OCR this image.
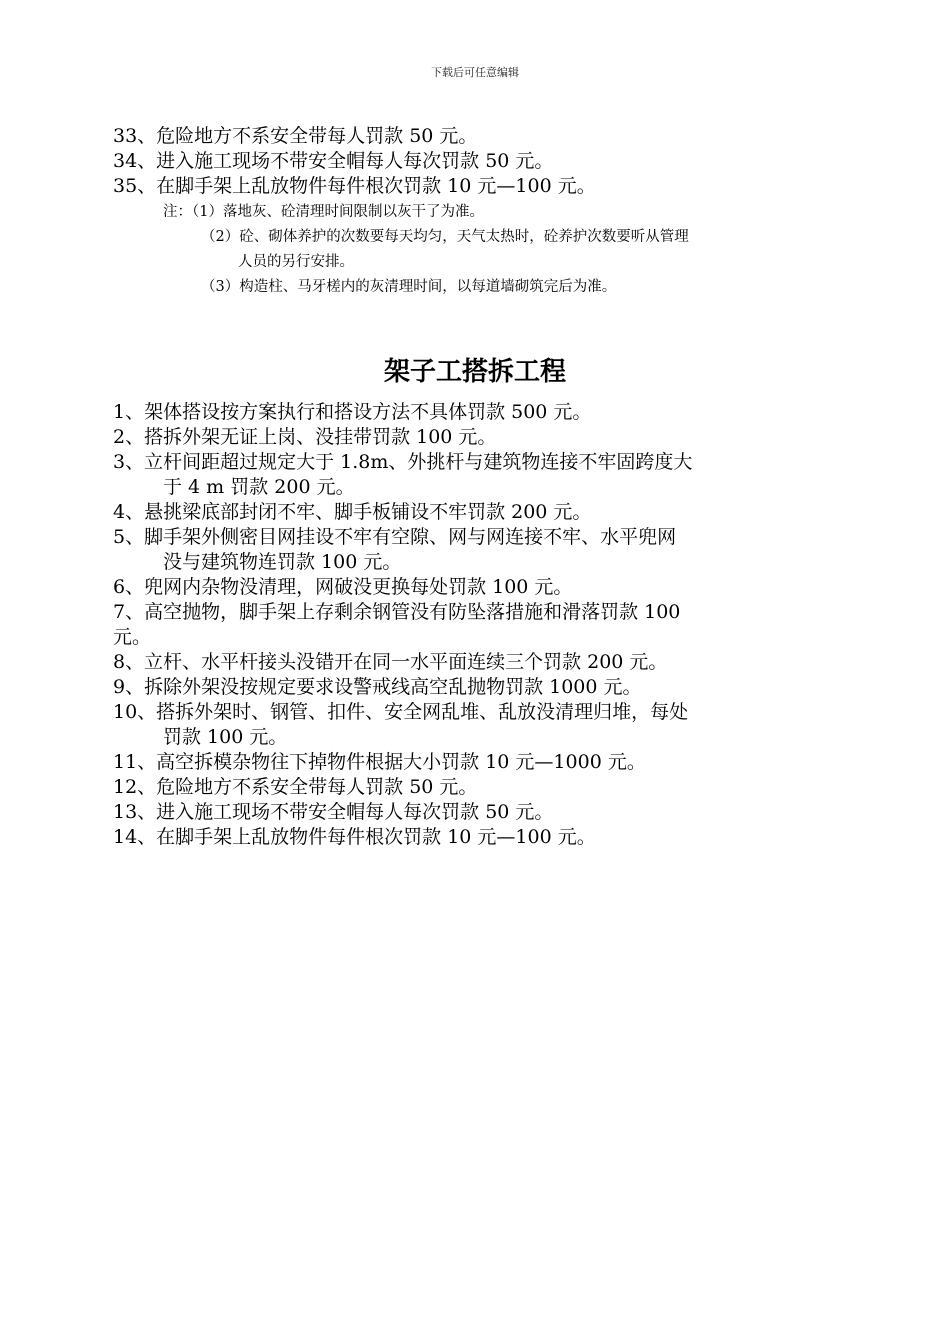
下载后可任意编辑

33、危险地方不系安全带每人罚款 50 元。

34、进入施工现场不带安全帽每人每次罚款 50 元。

35、在脚手架上乱放物件每件根次罚款 10 元—100 元。

注：（1）落地灰、砼清理时间限制以灰干了为准。
（2）砼、砌体养护的次数要每天均匀，天气太热时，砼养护次数要听从管理
人员的另行安排。
（3）构造柱、马牙槎内的灰清理时间，以每道墙砌筑完后为准。
架子工搭拆工程
1、架体搭设按方案执行和搭设方法不具体罚款 500 元。
2、搭拆外架无证上岗、没挂带罚款 100 元。
3、立杆间距超过规定大于 1.8m、外挑杆与建筑物连接不牢固跨度大
于 4 m 罚款 200 元。
4、悬挑梁底部封闭不牢、脚手板铺设不牢罚款 200 元。
5、脚手架外侧密目网挂设不牢有空隙、网与网连接不牢、水平兜网
没与建筑物连罚款 100 元。
6、兜网内杂物没清理，网破没更换每处罚款 100 元。
7、高空抛物，脚手架上存剩余钢管没有防坠落措施和滑落罚款 100
元。
8、立杆、水平杆接头没错开在同一水平面连续三个罚款 200 元。
9、拆除外架没按规定要求设警戒线高空乱抛物罚款 1000 元。
10、搭拆外架时、钢管、扣件、安全网乱堆、乱放没清理归堆，每处
罚款 100 元。
11、高空拆模杂物往下掉物件根据大小罚款 10 元—1000 元。
12、危险地方不系安全带每人罚款 50 元。
13、进入施工现场不带安全帽每人每次罚款 50 元。
14、在脚手架上乱放物件每件根次罚款 10 元—100 元。
